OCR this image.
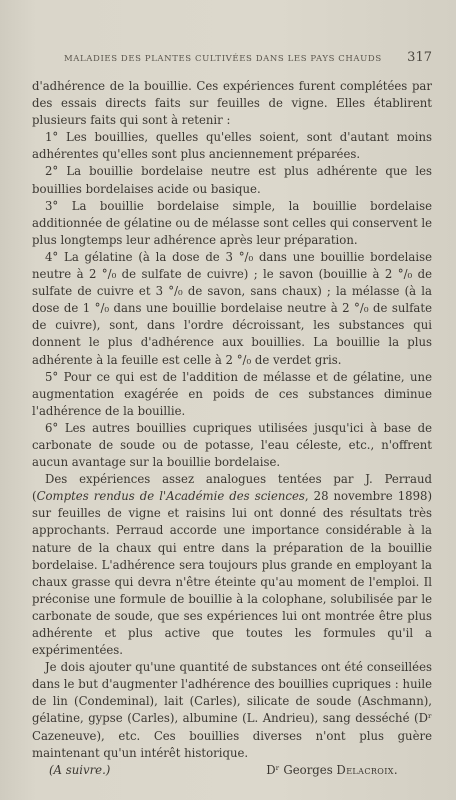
MALADIES DES PLANTES CULTIVÉES DANS LES PAYS CHAUDS 317

d'adhérence de la bouillie. Ces expériences furent complétées par des essais directs faits sur feuilles de vigne. Elles établirent plusieurs faits qui sont à retenir :

1° Les bouillies, quelles qu'elles soient, sont d'autant moins adhérentes qu'elles sont plus anciennement préparées.

2° La bouillie bordelaise neutre est plus adhérente que les bouillies bordelaises acide ou basique.

3° La bouillie bordelaise simple, la bouillie bordelaise additionnée de gélatine ou de mélasse sont celles qui conservent le plus longtemps leur adhérence après leur préparation.

4° La gélatine (à la dose de 3 °/₀ dans une bouillie bordelaise neutre à 2 °/₀ de sulfate de cuivre) ; le savon (bouillie à 2 °/₀ de sulfate de cuivre et 3 °/₀ de savon, sans chaux) ; la mélasse (à la dose de 1 °/₀ dans une bouillie bordelaise neutre à 2 °/₀ de sulfate de cuivre), sont, dans l'ordre décroissant, les substances qui donnent le plus d'adhérence aux bouillies. La bouillie la plus adhérente à la feuille est celle à 2 °/₀ de verdet gris.

5° Pour ce qui est de l'addition de mélasse et de gélatine, une augmentation exagérée en poids de ces substances diminue l'adhérence de la bouillie.

6° Les autres bouillies cupriques utilisées jusqu'ici à base de carbonate de soude ou de potasse, l'eau céleste, etc., n'offrent aucun avantage sur la bouillie bordelaise.

Des expériences assez analogues tentées par J. Perraud (Comptes rendus de l'Académie des sciences, 28 novembre 1898) sur feuilles de vigne et raisins lui ont donné des résultats très approchants. Perraud accorde une importance considérable à la nature de la chaux qui entre dans la préparation de la bouillie bordelaise. L'adhérence sera toujours plus grande en employant la chaux grasse qui devra n'être éteinte qu'au moment de l'emploi. Il préconise une formule de bouillie à la colophane, solubilisée par le carbonate de soude, que ses expériences lui ont montrée être plus adhérente et plus active que toutes les formules qu'il a expérimentées.

Je dois ajouter qu'une quantité de substances ont été conseillées dans le but d'augmenter l'adhérence des bouillies cupriques : huile de lin (Condeminal), lait (Carles), silicate de soude (Aschmann), gélatine, gypse (Carles), albumine (L. Andrieu), sang desséché (Dʳ Cazeneuve), etc. Ces bouillies diverses n'ont plus guère maintenant qu'un intérêt historique.

(A suivre.)	Dʳ Georges Delacroix.
